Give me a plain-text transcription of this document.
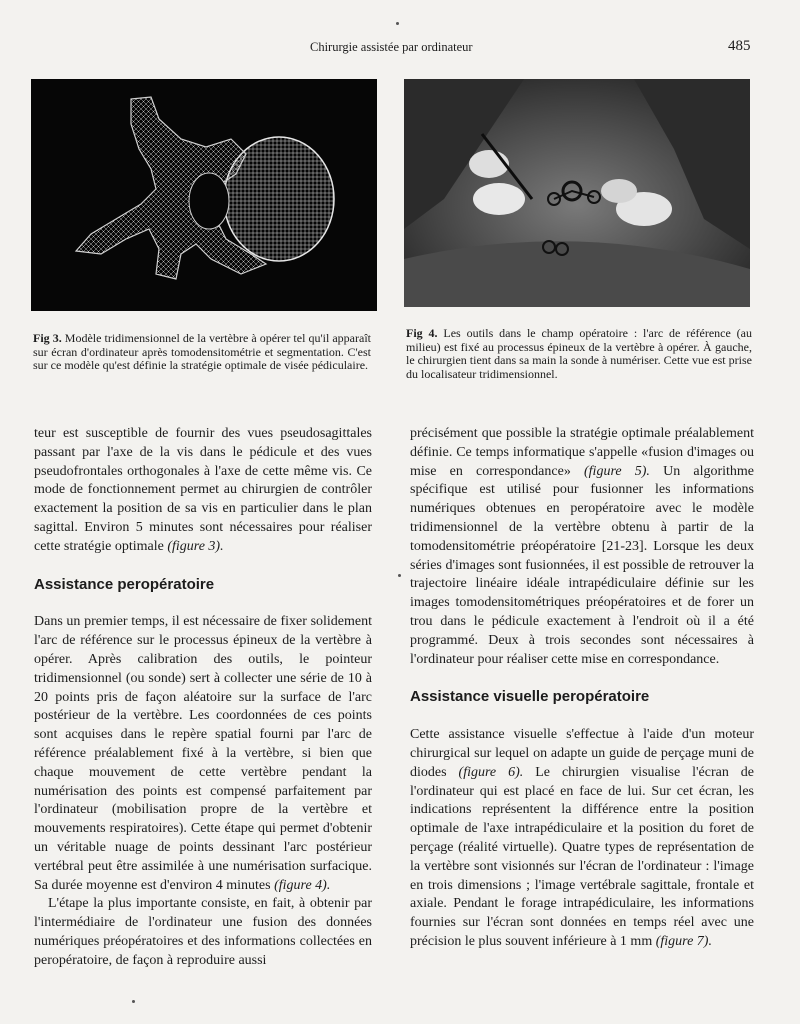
Chirurgie assistée par ordinateur	485
Fig 3. Modèle tridimensionnel de la vertèbre à opérer tel qu'il apparaît sur écran d'ordinateur après tomodensitométrie et segmentation. C'est sur ce modèle qu'est définie la stratégie optimale de visée pédiculaire.
Fig 4. Les outils dans le champ opératoire : l'arc de référence (au milieu) est fixé au processus épineux de la vertèbre à opérer. À gauche, le chirurgien tient dans sa main la sonde à numériser. Cette vue est prise du localisateur tridimensionnel.

teur est susceptible de fournir des vues pseudosagittales passant par l'axe de la vis dans le pédicule et des vues pseudofrontales orthogonales à l'axe de cette même vis. Ce mode de fonctionnement permet au chirurgien de contrôler exactement la position de sa vis en particulier dans le plan sagittal. Environ 5 minutes sont nécessaires pour réaliser cette stratégie optimale (figure 3).

Assistance peropératoire

Dans un premier temps, il est nécessaire de fixer solidement l'arc de référence sur le processus épineux de la vertèbre à opérer. Après calibration des outils, le pointeur tridimensionnel (ou sonde) sert à collecter une série de 10 à 20 points pris de façon aléatoire sur la surface de l'arc postérieur de la vertèbre. Les coordonnées de ces points sont acquises dans le repère spatial fourni par l'arc de référence préalablement fixé à la vertèbre, si bien que chaque mouvement de cette vertèbre pendant la numérisation des points est compensé parfaitement par l'ordinateur (mobilisation propre de la vertèbre et mouvements respiratoires). Cette étape qui permet d'obtenir un véritable nuage de points dessinant l'arc postérieur vertébral peut être assimilée à une numérisation surfacique. Sa durée moyenne est d'environ 4 minutes (figure 4).

L'étape la plus importante consiste, en fait, à obtenir par l'intermédiaire de l'ordinateur une fusion des données numériques préopératoires et des informations collectées en peropératoire, de façon à reproduire aussi

précisément que possible la stratégie optimale préalablement définie. Ce temps informatique s'appelle «fusion d'images ou mise en correspondance» (figure 5). Un algorithme spécifique est utilisé pour fusionner les informations numériques obtenues en peropératoire avec le modèle tridimensionnel de la vertèbre obtenu à partir de la tomodensitométrie préopératoire [21-23]. Lorsque les deux séries d'images sont fusionnées, il est possible de retrouver la trajectoire linéaire idéale intrapédiculaire définie sur les images tomodensitométriques préopératoires et de forer un trou dans le pédicule exactement à l'endroit où il a été programmé. Deux à trois secondes sont nécessaires à l'ordinateur pour réaliser cette mise en correspondance.

Assistance visuelle peropératoire

Cette assistance visuelle s'effectue à l'aide d'un moteur chirurgical sur lequel on adapte un guide de perçage muni de diodes (figure 6). Le chirurgien visualise l'écran de l'ordinateur qui est placé en face de lui. Sur cet écran, les indications représentent la différence entre la position optimale de l'axe intrapédiculaire et la position du foret de perçage (réalité virtuelle). Quatre types de représentation de la vertèbre sont visionnés sur l'écran de l'ordinateur : l'image en trois dimensions ; l'image vertébrale sagittale, frontale et axiale. Pendant le forage intrapédiculaire, les informations fournies sur l'écran sont données en temps réel avec une précision le plus souvent inférieure à 1 mm (figure 7).
